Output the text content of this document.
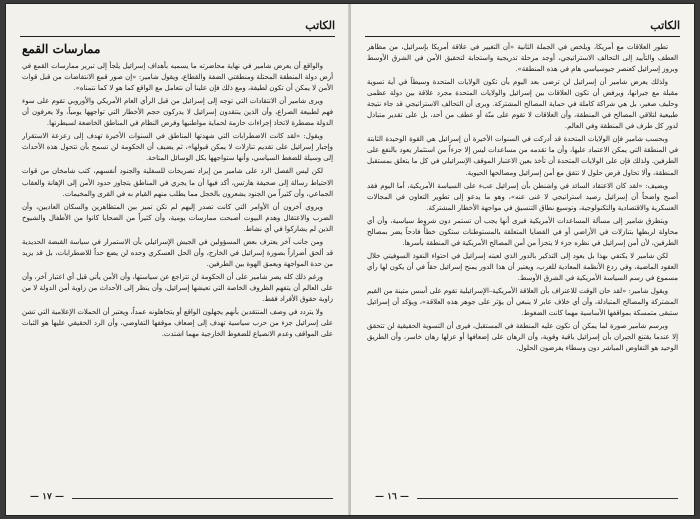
الكاتب
ممارسات القمع

والواقع أن يعرض شامير في نهاية محاضرته ما يسميه بأهداف إسرائيل يلجأ إلى تبرير ممارسات القمع في أرض دولة المنطقة المحتلة ومنطقتي الضفة والقطاع، ويقول شامير: «إن صور قمع الانتفاضات من قبل قوات الأمن لا يمكن أن تكون لطيفة، ومع ذلك فإن علينا أن نتعامل مع الواقع كما هو لا كما نتمناه».

ويرى شامير أن الانتقادات التي توجه إلى إسرائيل من قبل الرأي العام الأمريكي والأوروبي تقوم على سوء فهم لطبيعة الصراع، وأن الذين ينتقدون إسرائيل لا يدركون حجم الأخطار التي تواجهها يومياً، ولا يعرفون أن الدولة مضطرة لاتخاذ إجراءات حازمة لحماية مواطنيها وفرض النظام في المناطق الخاضعة لسيطرتها.

ويقول: «لقد كانت الاضطرابات التي شهدتها المناطق في السنوات الأخيرة تهدف إلى زعزعة الاستقرار وإجبار إسرائيل على تقديم تنازلات لا يمكن قبولها»، ثم يضيف أن الحكومة لن تسمح بأن تتحول هذه الأحداث إلى وسيلة للضغط السياسي، وأنها ستواجهها بكل الوسائل المتاحة.

لكن ليس الفصل الرد على شامير من إيراد تصريحات للسفلية والجنود أنفسهم، كتب شامخان من قوات الاحتياط رسالة إلى صحيفة هارتس، أكد فيها أن ما يجري في المناطق يتجاوز حدود الأمن إلى الإهانة والعقاب الجماعي، وأن كثيراً من الجنود يشعرون بالخجل مما يطلب منهم القيام به في القرى والمخيمات.

ويروي آخرون أن الأوامر التي كانت تصدر إليهم لم تكن تميز بين المتظاهرين والسكان العاديين، وأن الضرب والاعتقال وهدم البيوت أصبحت ممارسات يومية، وأن كثيراً من الضحايا كانوا من الأطفال والشيوخ الذين لم يشاركوا في أي نشاط.

ومن جانب آخر يعترف بعض المسؤولين في الجيش الإسرائيلي بأن الاستمرار في سياسة القبضة الحديدية قد ألحق أضراراً بصورة إسرائيل في الخارج، وأن الحل العسكري وحده لن يضع حداً للاضطرابات، بل قد يزيد من حدة المواجهة ويعمق الهوة بين الطرفين.

ورغم ذلك كله يصر شامير على أن الحكومة لن تتراجع عن سياستها، وأن الأمن يأتي قبل أي اعتبار آخر، وأن على العالم أن يتفهم الظروف الخاصة التي تعيشها إسرائيل، وأن ينظر إلى الأحداث من زاوية أمن الدولة لا من زاوية حقوق الأفراد فقط.

ولا يتردد في وصف المنتقدين بأنهم يجهلون الواقع أو يتجاهلونه عمداً، ويعتبر أن الحملات الإعلامية التي تشن على إسرائيل جزء من حرب سياسية تهدف إلى إضعاف موقفها التفاوضي، وأن الرد الحقيقي عليها هو الثبات على المواقف وعدم الانصياع للضغوط الخارجية مهما اشتدت.

— ١٧ —
الكاتب

تطور العلاقات مع أمريكا، ويلخص في الجملة الثانية «أن التغيير في علاقة أمريكا بإسرائيل، من مظاهر العطف والتأييد إلى التحالف الاستراتيجي، أوجد مرحلة تدريجية واستجابة لتحقيق الأمن في الشرق الأوسط وبروز إسرائيل كعنصر جيوسياسي هام في هذه المنطقة».

ولذلك يعرض شامير أن إسرائيل لن ترضى بعد اليوم بأن تكون الولايات المتحدة وسيطاً في أية تسوية مقبلة مع جيرانها، ويرفض أن تكون العلاقات بين إسرائيل والولايات المتحدة مجرد علاقة بين دولة عظمى وحليف صغير، بل هي شراكة كاملة في حماية المصالح المشتركة. ويرى أن التحالف الاستراتيجي قد جاء نتيجة طبيعية لتلاقي المصالح في المنطقة، وأن العلاقات لا تقوم على منّة أو عطف من أحد، بل على تقدير متبادل لدور كل طرف في المنطقة وفي العالم.

وبحسب شامير فإن الولايات المتحدة قد أدركت في السنوات الأخيرة أن إسرائيل هي القوة الوحيدة الثابتة في المنطقة التي يمكن الاعتماد عليها، وأن ما تقدمه من مساعدات ليس إلا جزءاً من استثمار يعود بالنفع على الطرفين. ولذلك فإن على الولايات المتحدة أن تأخذ بعين الاعتبار الموقف الإسرائيلي في كل ما يتعلق بمستقبل المنطقة، وألا تحاول فرض حلول لا تتفق مع أمن إسرائيل ومصالحها الحيوية.

ويضيف: «لقد كان الاعتقاد السائد في واشنطن بأن إسرائيل عبء على السياسة الأمريكية، أما اليوم فقد أصبح واضحاً أن إسرائيل رصيد استراتيجي لا غنى عنه»، وهو ما يدعو إلى تطوير التعاون في المجالات العسكرية والاقتصادية والتكنولوجية، وتوسيع نطاق التنسيق في مواجهة الأخطار المشتركة.

ويتطرق شامير إلى مسألة المساعدات الأمريكية فيرى أنها يجب أن تستمر دون شروط سياسية، وأن أي محاولة لربطها بتنازلات في الأراضي أو في القضايا المتعلقة بالمستوطنات ستكون خطأً فادحاً يضر بمصالح الطرفين، لأن أمن إسرائيل في نظره جزء لا يتجزأ من أمن المصالح الأمريكية في المنطقة بأسرها.

لكن شامير لا يكتفي بهذا بل يعود إلى التذكير بالدور الذي لعبته إسرائيل في احتواء النفوذ السوفيتي خلال العقود الماضية، وفي ردع الأنظمة المعادية للغرب، ويعتبر أن هذا الدور يمنح إسرائيل حقاً في أن يكون لها رأي مسموع في رسم السياسة الأمريكية في الشرق الأوسط.

ويقول شامير: «لقد حان الوقت للاعتراف بأن العلاقة الأمريكية–الإسرائيلية تقوم على أسس متينة من القيم المشتركة والمصالح المتبادلة، وأن أي خلاف عابر لا ينبغي أن يؤثر على جوهر هذه العلاقة»، ويؤكد أن إسرائيل ستبقى متمسكة بمواقفها الأساسية مهما كانت الضغوط.

وبرسم شامير صورة لما يمكن أن تكون عليه المنطقة في المستقبل، فيرى أن التسوية الحقيقية لن تتحقق إلا عندما يقتنع الجيران بأن إسرائيل باقية وقوية، وأن الرهان على إضعافها أو عزلها رهان خاسر، وأن الطريق الوحيد هو التفاوض المباشر دون وسطاء يفرضون الحلول.

— ١٦ —
